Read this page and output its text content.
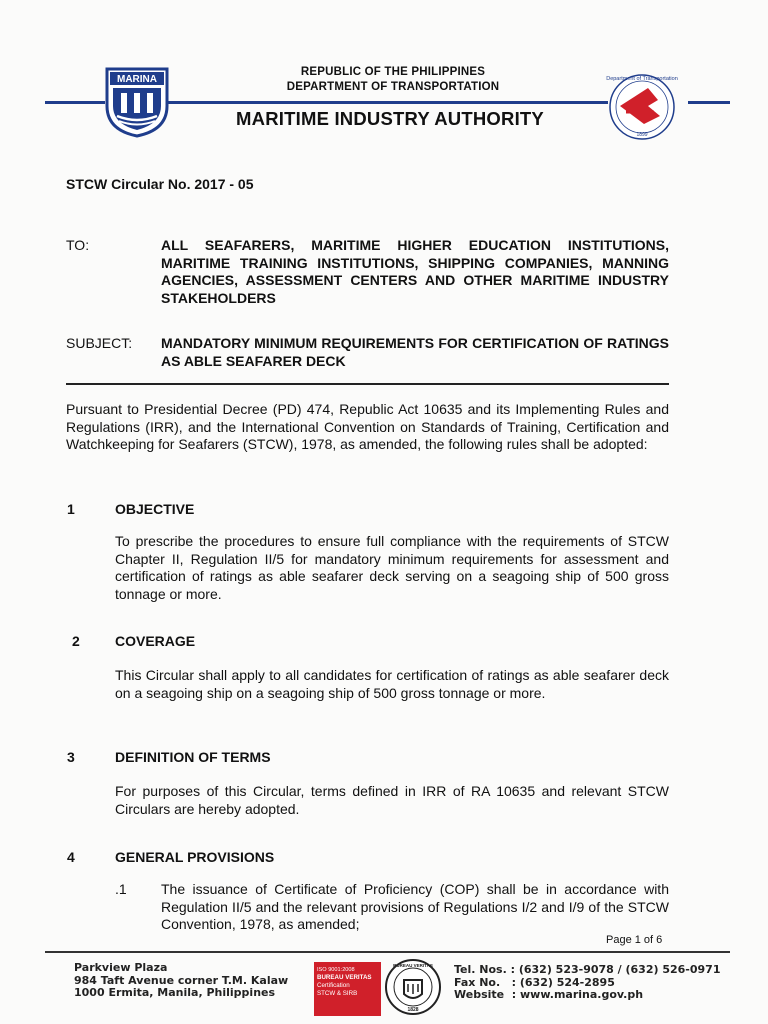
MARINA
REPUBLIC OF THE PHILIPPINES
DEPARTMENT OF TRANSPORTATION
MARITIME INDUSTRY AUTHORITY
1899
Department of Transportation
STCW Circular No. 2017 - 05
TO:	ALL SEAFARERS, MARITIME HIGHER EDUCATION INSTITUTIONS, MARITIME TRAINING INSTITUTIONS, SHIPPING COMPANIES, MANNING AGENCIES, ASSESSMENT CENTERS AND OTHER MARITIME INDUSTRY STAKEHOLDERS
SUBJECT: MANDATORY MINIMUM REQUIREMENTS FOR CERTIFICATION OF RATINGS AS ABLE SEAFARER DECK
Pursuant to Presidential Decree (PD) 474, Republic Act 10635 and its Implementing Rules and Regulations (IRR), and the International Convention on Standards of Training, Certification and Watchkeeping for Seafarers (STCW), 1978, as amended, the following rules shall be adopted:
1	OBJECTIVE
To prescribe the procedures to ensure full compliance with the requirements of STCW Chapter II, Regulation II/5 for mandatory minimum requirements for assessment and certification of ratings as able seafarer deck serving on a seagoing ship of 500 gross tonnage or more.
2	COVERAGE
This Circular shall apply to all candidates for certification of ratings as able seafarer deck on a seagoing ship on a seagoing ship of 500 gross tonnage or more.
3	DEFINITION OF TERMS
For purposes of this Circular, terms defined in IRR of RA 10635 and relevant STCW Circulars are hereby adopted.
4	GENERAL PROVISIONS
.1 The issuance of Certificate of Proficiency (COP) shall be in accordance with Regulation II/5 and the relevant provisions of Regulations I/2 and I/9 of the STCW Convention, 1978, as amended;
Page 1 of 6
Parkview Plaza
984 Taft Avenue corner T.M. Kalaw
1000 Ermita, Manila, Philippines
ISO 9001:2008
BUREAU VERITAS
Certification
STCW & SIRB
BUREAU VERITAS
1828
Tel. Nos. : (632) 523-9078 / (632) 526-0971
Fax No.   : (632) 524-2895
Website  : www.marina.gov.ph
